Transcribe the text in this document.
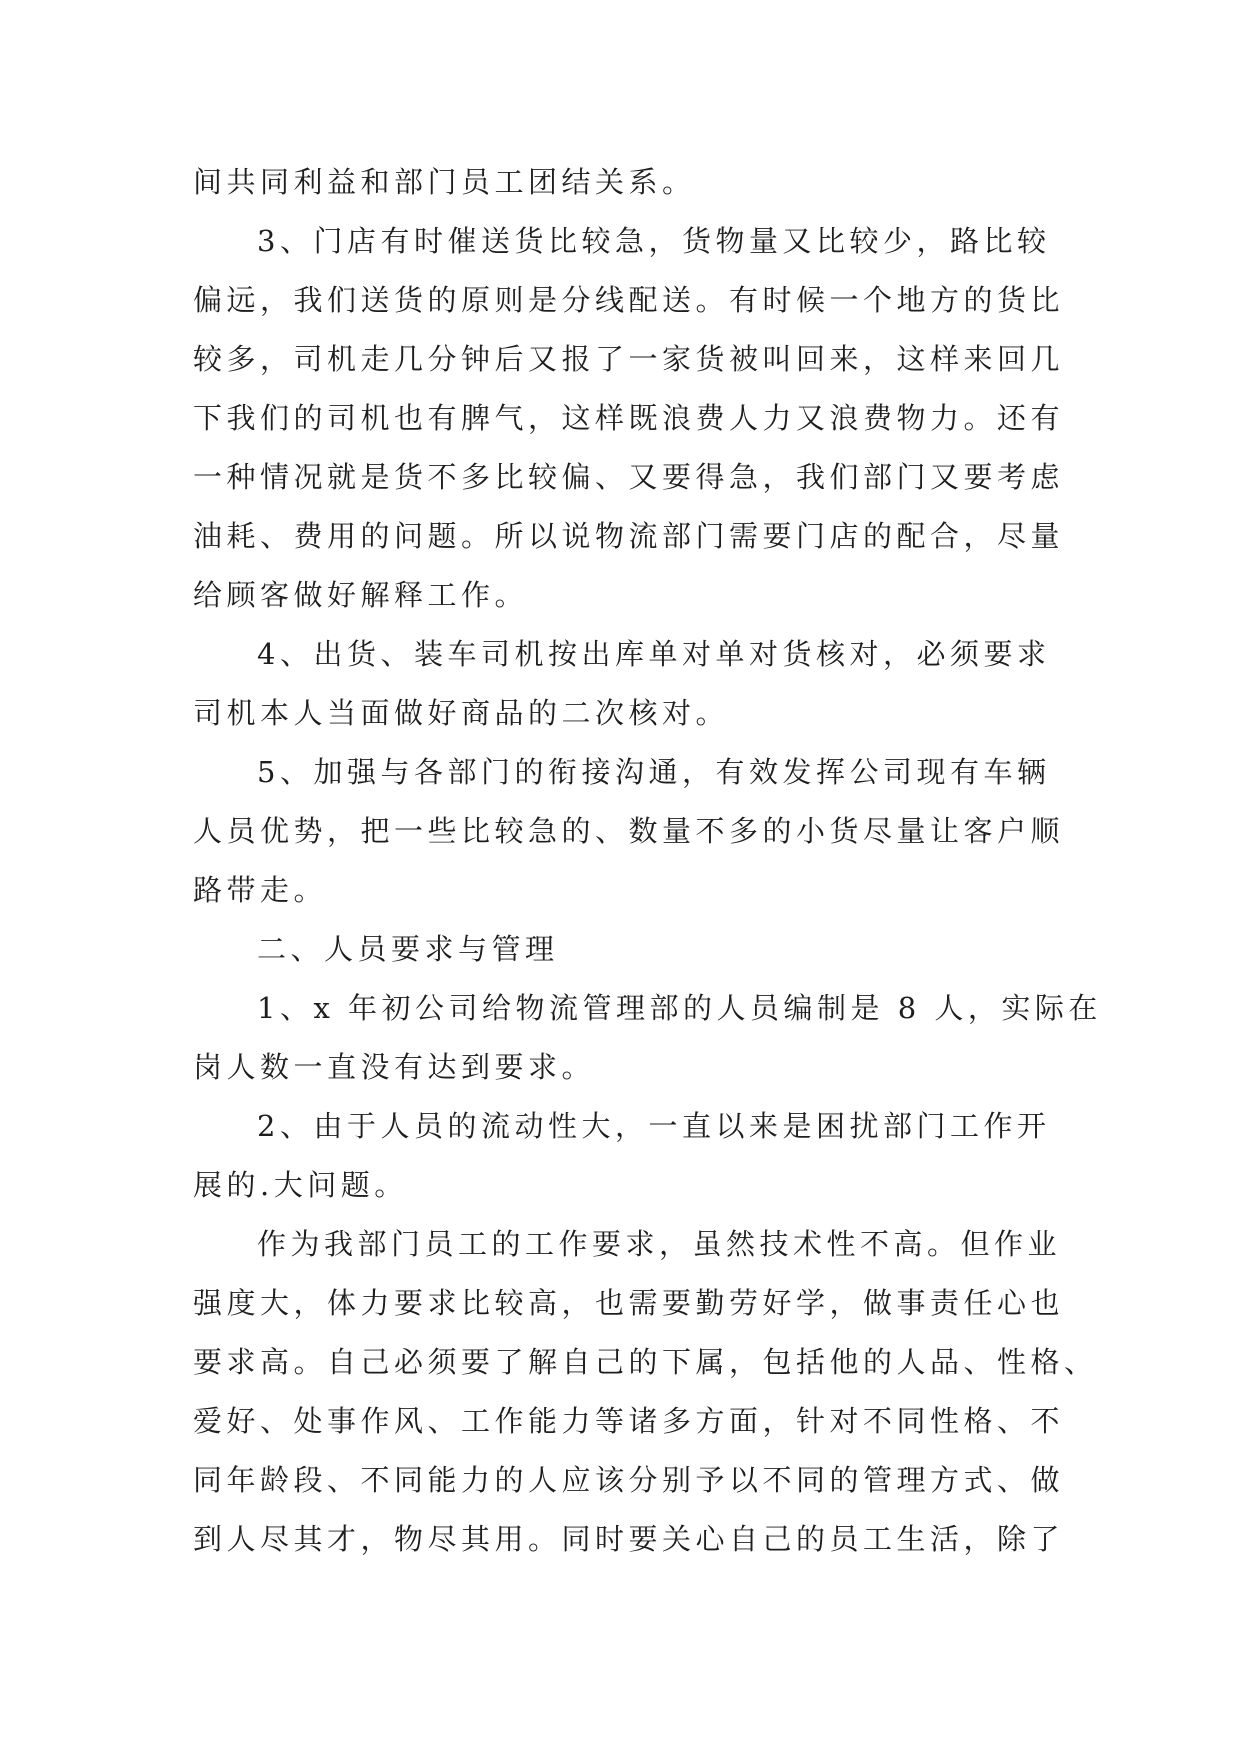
间共同利益和部门员工团结关系。
3、门店有时催送货比较急，货物量又比较少，路比较
偏远，我们送货的原则是分线配送。有时候一个地方的货比
较多，司机走几分钟后又报了一家货被叫回来，这样来回几
下我们的司机也有脾气，这样既浪费人力又浪费物力。还有
一种情况就是货不多比较偏、又要得急，我们部门又要考虑
油耗、费用的问题。所以说物流部门需要门店的配合，尽量
给顾客做好解释工作。
4、出货、装车司机按出库单对单对货核对，必须要求
司机本人当面做好商品的二次核对。
5、加强与各部门的衔接沟通，有效发挥公司现有车辆
人员优势，把一些比较急的、数量不多的小货尽量让客户顺
路带走。
二、人员要求与管理
1、x 年初公司给物流管理部的人员编制是 8 人，实际在
岗人数一直没有达到要求。
2、由于人员的流动性大，一直以来是困扰部门工作开
展的.大问题。
作为我部门员工的工作要求，虽然技术性不高。但作业
强度大，体力要求比较高，也需要勤劳好学，做事责任心也
要求高。自己必须要了解自己的下属，包括他的人品、性格、
爱好、处事作风、工作能力等诸多方面，针对不同性格、不
同年龄段、不同能力的人应该分别予以不同的管理方式、做
到人尽其才，物尽其用。同时要关心自己的员工生活，除了
